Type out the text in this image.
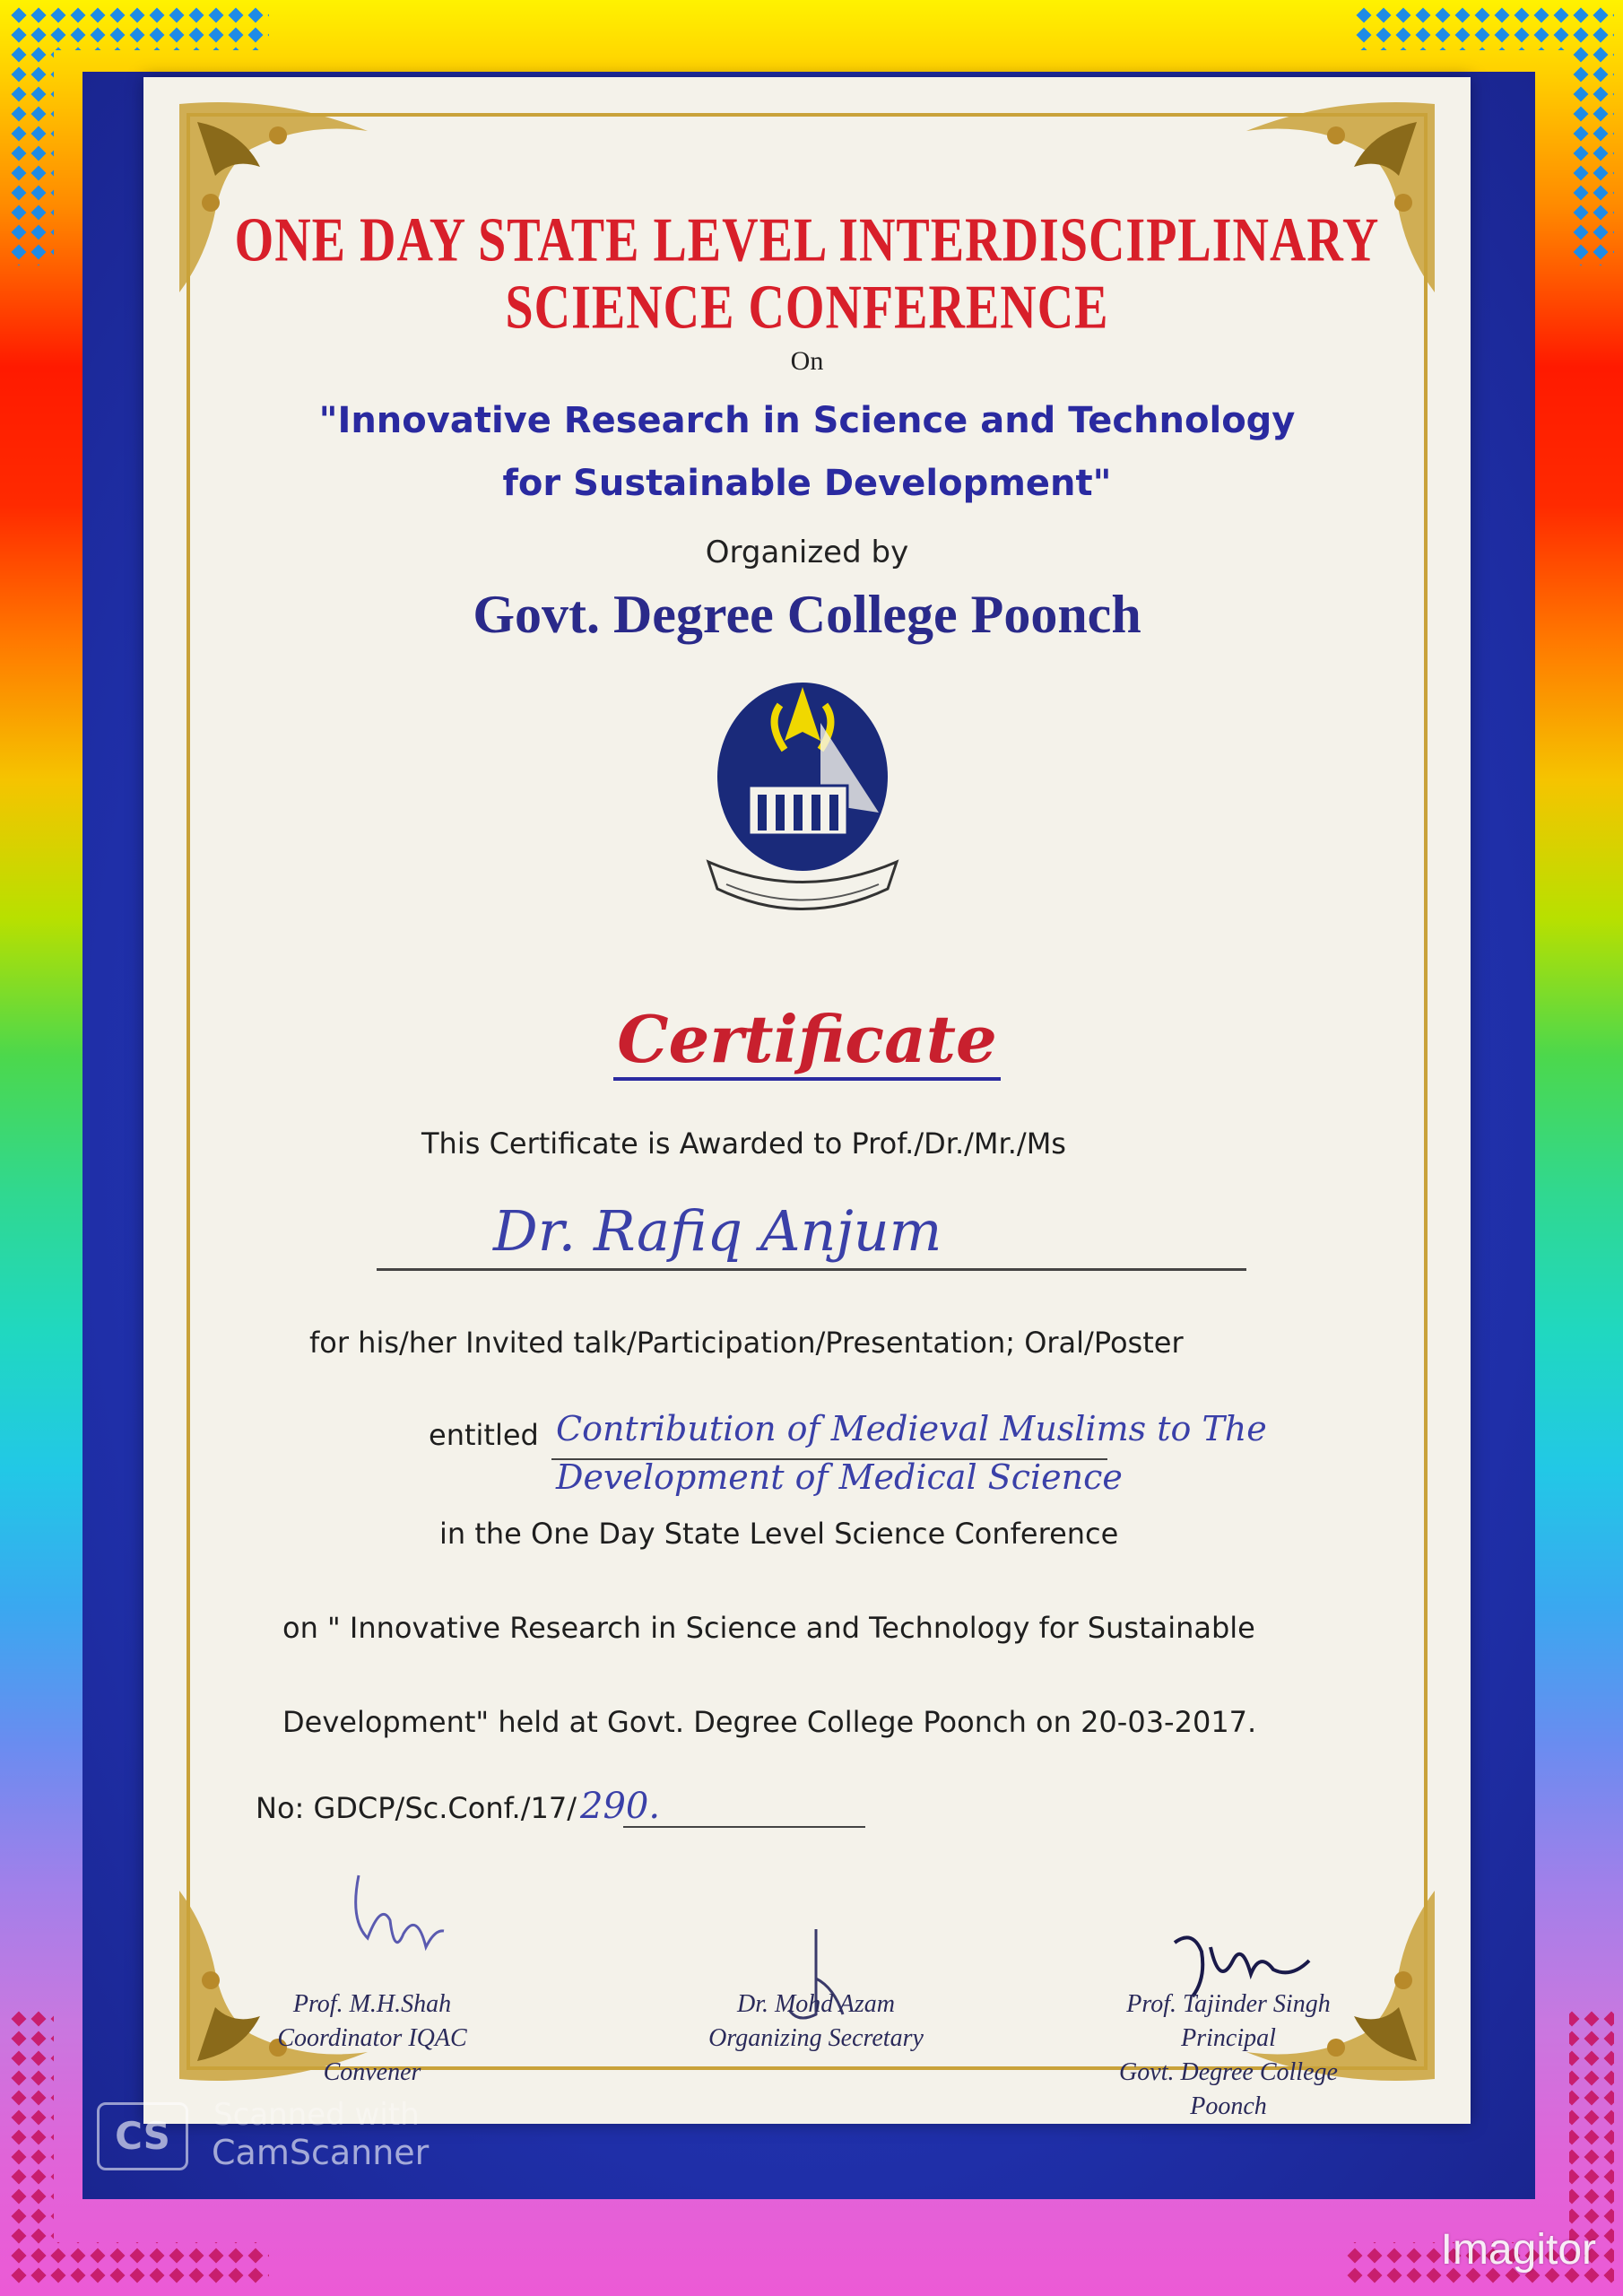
ONE DAY STATE LEVEL INTERDISCIPLINARY
SCIENCE CONFERENCE
On
"Innovative Research in Science and Technology
for Sustainable Development"
Organized by
Govt. Degree College Poonch
Certificate
This Certificate is Awarded to Prof./Dr./Mr./Ms
Dr. Rafiq Anjum
for his/her Invited talk/Participation/Presentation; Oral/Poster
entitled Contribution of Medieval Muslims to The Development of Medical Science
in the One Day State Level Science Conference
on " Innovative Research in Science and Technology for Sustainable
Development" held at Govt. Degree College Poonch on 20-03-2017.
No: GDCP/Sc.Conf./17/ 290.
Prof. M.H.Shah
Coordinator IQAC
Convener
Dr. Mohd Azam
Organizing Secretary
Prof. Tajinder Singh
Principal
Govt. Degree College
Poonch
CS	Scanned with
CamScanner
Imagitor
